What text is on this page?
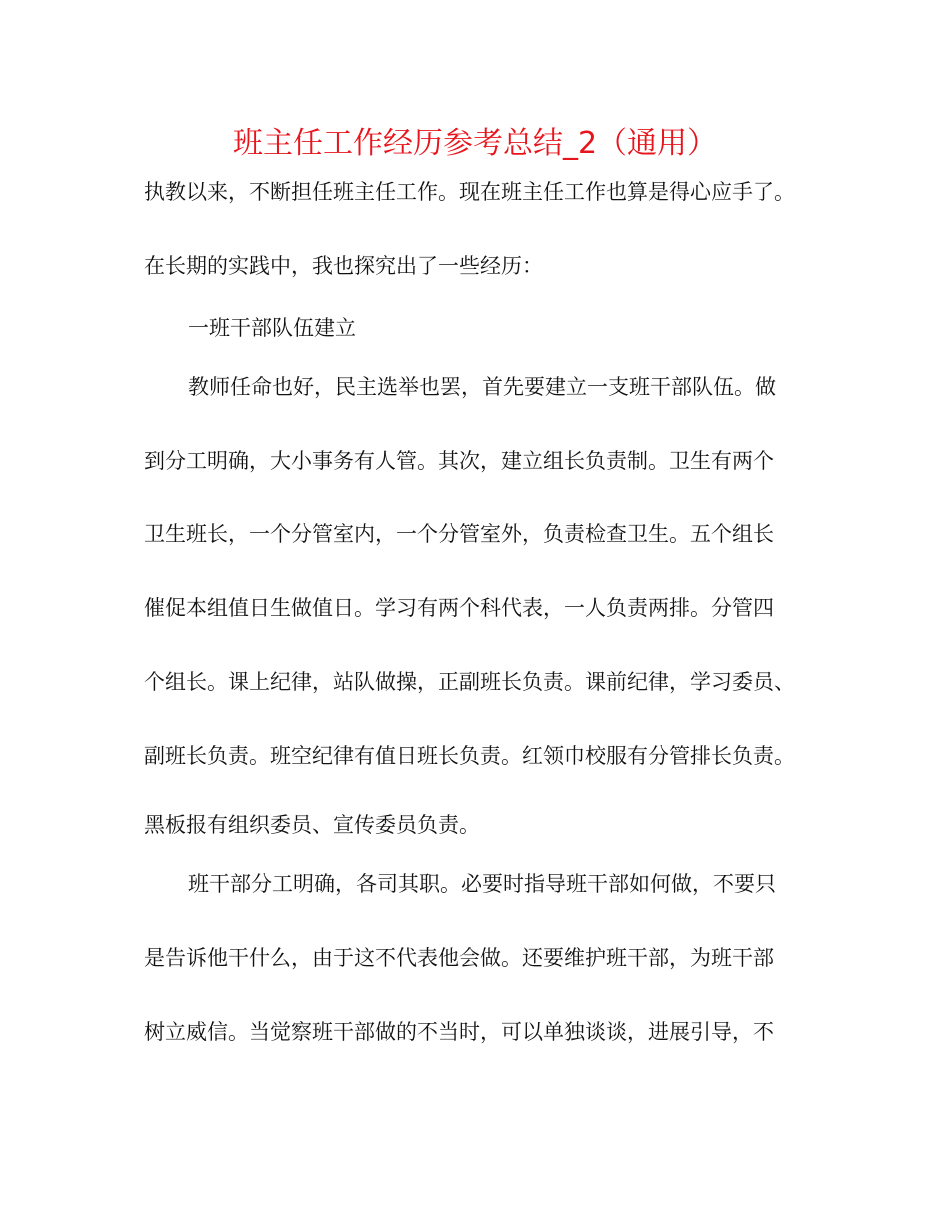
班主任工作经历参考总结_2（通用）
执教以来，不断担任班主任工作。现在班主任工作也算是得心应手了。
在长期的实践中，我也探究出了一些经历：
一班干部队伍建立
教师任命也好，民主选举也罢，首先要建立一支班干部队伍。做
到分工明确，大小事务有人管。其次，建立组长负责制。卫生有两个
卫生班长，一个分管室内，一个分管室外，负责检查卫生。五个组长
催促本组值日生做值日。学习有两个科代表，一人负责两排。分管四
个组长。课上纪律，站队做操，正副班长负责。课前纪律，学习委员、
副班长负责。班空纪律有值日班长负责。红领巾校服有分管排长负责。
黑板报有组织委员、宣传委员负责。
班干部分工明确，各司其职。必要时指导班干部如何做，不要只
是告诉他干什么，由于这不代表他会做。还要维护班干部，为班干部
树立威信。当觉察班干部做的不当时，可以单独谈谈，进展引导，不
